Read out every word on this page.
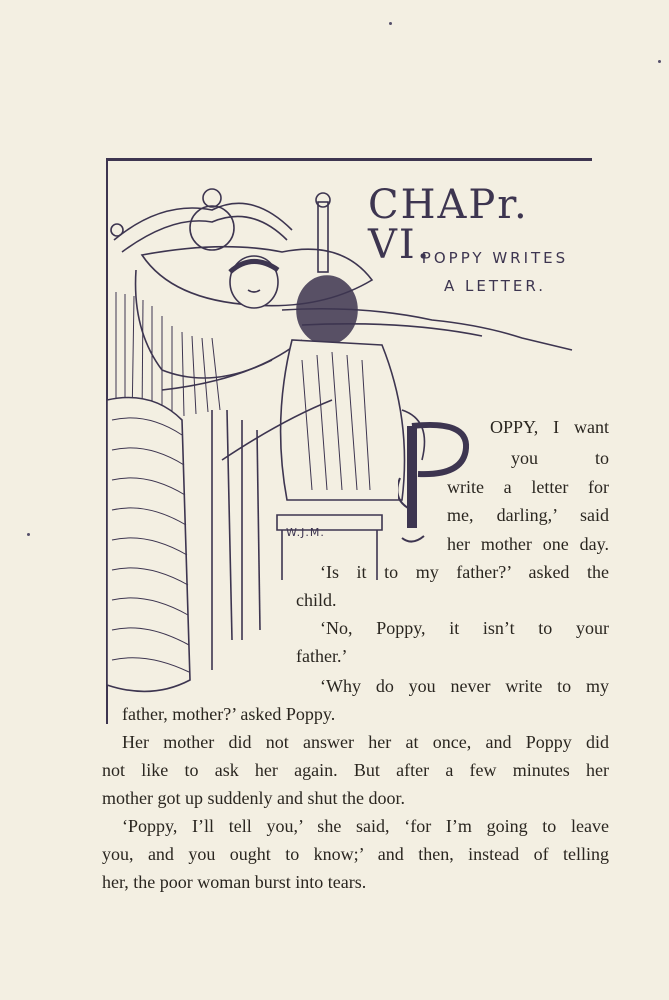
CHAPr. VI.
POPPY WRITES
A LETTER.
P
W.J.M.
OPPY, I want
you to
write a letter for
me, darling,’ said
her mother one day.
‘Is it to my father?’ asked the
child.
‘No, Poppy, it isn’t to your
father.’
‘Why do you never write to my
father, mother?’ asked Poppy.
Her mother did not answer her at once, and Poppy did
not like to ask her again. But after a few minutes her
mother got up suddenly and shut the door.
‘Poppy, I’ll tell you,’ she said, ‘for I’m going to leave
you, and you ought to know;’ and then, instead of telling
her, the poor woman burst into tears.
